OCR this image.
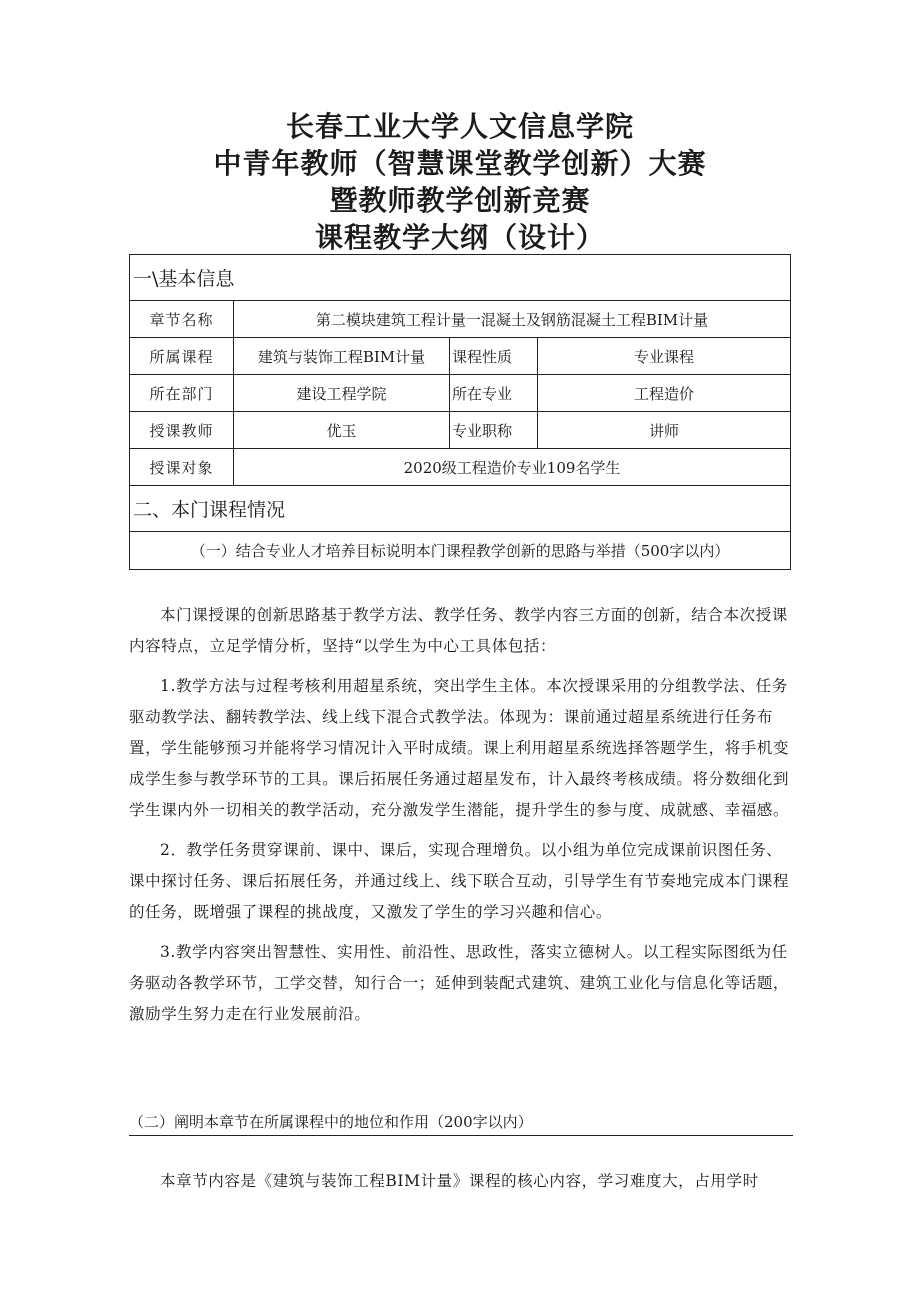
长春工业大学人文信息学院
中青年教师（智慧课堂教学创新）大赛
暨教师教学创新竞赛
课程教学大纲（设计）
一\基本信息			
章节名称	第二模块建筑工程计量一混凝土及钢筋混凝土工程BIM计量		
所属课程	建筑与装饰工程BIM计量	课程性质	专业课程
所在部门	建设工程学院	所在专业	工程造价
授课教师	优玉	专业职称	讲师
授课对象	2020级工程造价专业109名学生		
二、本门课程情况			
（一）结合专业人才培养目标说明本门课程教学创新的思路与举措（500字以内）			

本门课授课的创新思路基于教学方法、教学任务、教学内容三方面的创新，结合本次授课内容特点，立足学情分析，坚持“以学生为中心工具体包括：

1.教学方法与过程考核利用超星系统，突出学生主体。本次授课采用的分组教学法、任务驱动教学法、翻转教学法、线上线下混合式教学法。体现为：课前通过超星系统进行任务布置，学生能够预习并能将学习情况计入平时成绩。课上利用超星系统选择答题学生，将手机变成学生参与教学环节的工具。课后拓展任务通过超星发布，计入最终考核成绩。将分数细化到学生课内外一切相关的教学活动，充分激发学生潜能，提升学生的参与度、成就感、幸福感。

2．教学任务贯穿课前、课中、课后，实现合理增负。以小组为单位完成课前识图任务、课中探讨任务、课后拓展任务，并通过线上、线下联合互动，引导学生有节奏地完成本门课程的任务，既增强了课程的挑战度，又激发了学生的学习兴趣和信心。

3.教学内容突出智慧性、实用性、前沿性、思政性，落实立德树人。以工程实际图纸为任务驱动各教学环节，工学交替，知行合一；延伸到装配式建筑、建筑工业化与信息化等话题，激励学生努力走在行业发展前沿。

（二）阐明本章节在所属课程中的地位和作用（200字以内）

本章节内容是《建筑与装饰工程BIM计量》课程的核心内容，学习难度大，占用学时
